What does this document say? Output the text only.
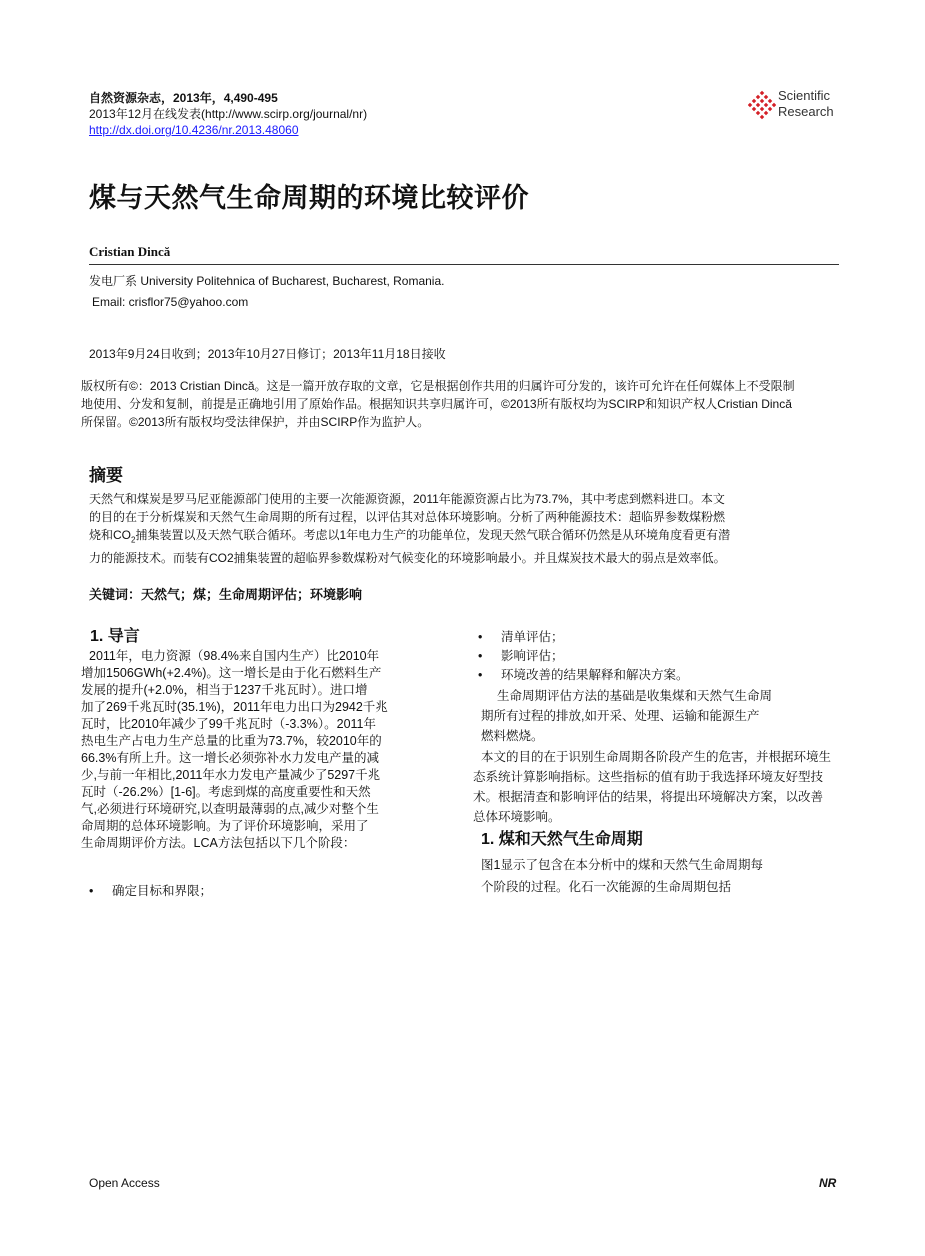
自然资源杂志，2013年，4,490-495
2013年12月在线发表(http://www.scirp.org/journal/nr)
http://dx.doi.org/10.4236/nr.2013.48060
Scientific
Research
煤与天然气生命周期的环境比较评价
Cristian Dincă
发电厂系 University Politehnica of Bucharest, Bucharest, Romania.
Email: crisflor75@yahoo.com
2013年9月24日收到；2013年10月27日修订；2013年11月18日接收
版权所有©：2013 Cristian Dincă。这是一篇开放存取的文章，它是根据创作共用的归属许可分发的，该许可允许在任何媒体上不受限制
地使用、分发和复制，前提是正确地引用了原始作品。根据知识共享归属许可，©2013所有版权均为SCIRP和知识产权人Cristian Dincă
所保留。©2013所有版权均受法律保护，并由SCIRP作为监护人。
摘要
天然气和煤炭是罗马尼亚能源部门使用的主要一次能源资源，2011年能源资源占比为73.7%，其中考虑到燃料进口。本文
的目的在于分析煤炭和天然气生命周期的所有过程，以评估其对总体环境影响。分析了两种能源技术：超临界参数煤粉燃
烧和$CO_2$捕集装置以及天然气联合循环。考虑以1年电力生产的功能单位，发现天然气联合循环仍然是从环境角度看更有潜
力的能源技术。而装有CO2捕集装置的超临界参数煤粉对气候变化的环境影响最小。并且煤炭技术最大的弱点是效率低。
关键词：天然气；煤；生命周期评估；环境影响
1. 导言
2011年，电力资源（98.4%来自国内生产）比2010年
增加1506GWh(+2.4%)。这一增长是由于化石燃料生产
发展的提升(+2.0%，相当于1237千兆瓦时）。进口增
加了269千兆瓦时(35.1%)，2011年电力出口为2942千兆
瓦时，比2010年减少了99千兆瓦时（-3.3%）。2011年
热电生产占电力生产总量的比重为73.7%，较2010年的
66.3%有所上升。这一增长必须弥补水力发电产量的减
少,与前一年相比,2011年水力发电产量减少了5297千兆
瓦时（-26.2%）[1-6]。考虑到煤的高度重要性和天然
气,必须进行环境研究,以查明最薄弱的点,减少对整个生
命周期的总体环境影响。为了评价环境影响，采用了
生命周期评价方法。LCA方法包括以下几个阶段：
• 确定目标和界限；
• 清单评估；
• 影响评估；
• 环境改善的结果解释和解决方案。
生命周期评估方法的基础是收集煤和天然气生命周
期所有过程的排放,如开采、处理、运输和能源生产
燃料燃烧。
本文的目的在于识别生命周期各阶段产生的危害，并根据环境生
态系统计算影响指标。这些指标的值有助于我选择环境友好型技
术。根据清查和影响评估的结果，将提出环境解决方案，以改善
总体环境影响。
1. 煤和天然气生命周期
图1显示了包含在本分析中的煤和天然气生命周期每
个阶段的过程。化石一次能源的生命周期包括
Open Access	NR
